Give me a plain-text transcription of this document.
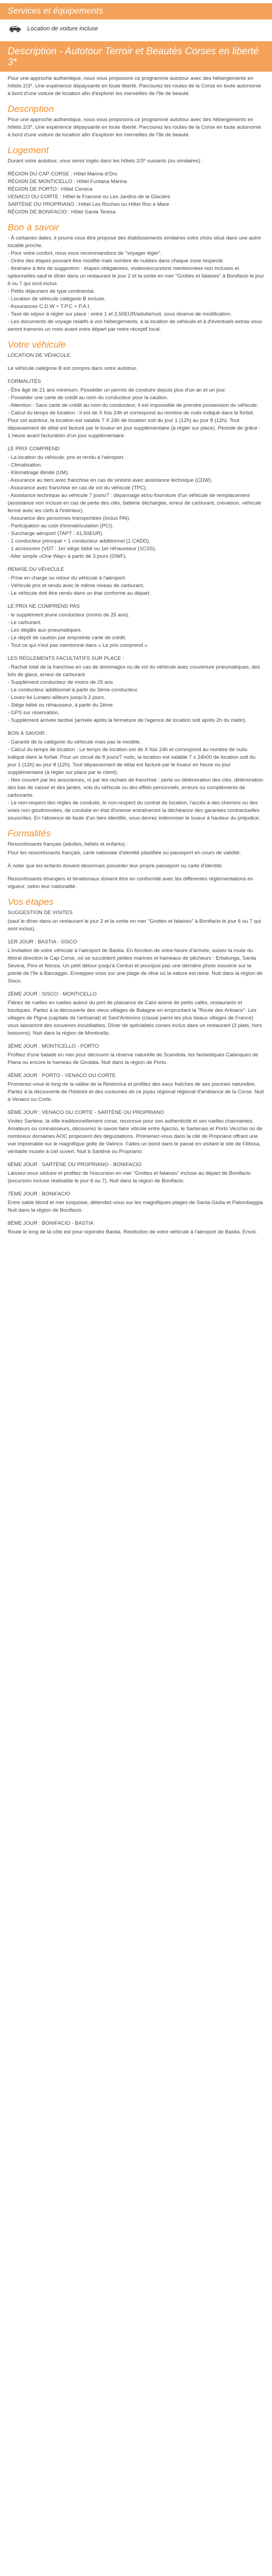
Services et équipements
Location de voiture incluse
Description - Autotour Terroir et Beautés Corses en liberté 3*

Pour une approche authentique, nous vous proposons ce programme autotour avec des hébergements en hôtels 2/3*. Une expérience dépaysante en toute liberté. Parcourez les routes de la Corse en toute autonomie à bord d'une voiture de location afin d'explorer les merveilles de l'île de beauté.

Description

Pour une approche authentique, nous vous proposons ce programme autotour avec des hébergements en hôtels 2/3*. Une expérience dépaysante en toute liberté. Parcourez les routes de la Corse en toute autonomie à bord d'une voiture de location afin d'explorer les merveilles de l'île de beauté.

Logement

Durant votre autotour, vous serez logés dans les hôtels 2/3* suivants (ou similaires) :

RÉGION DU CAP CORSE : Hôtel Marina d'Oro
RÉGION DE MONTICELLO : Hôtel Funtana Marina
RÉGION DE PORTO : Hôtel Corsica
VENACO OU CORTE : Hôtel le Fracone ou Les Jardins de la Glacière
SARTÈNE OU PROPRIANO : Hôtel Les Roches ou Hôtel Roc e Mare
RÉGION DE BONIFACIO : Hôtel Santa Teresa
Bon à savoir
- À certaines dates, il pourra vous être proposé des établissements similaires votre choix situé dans une autre localité proche.
- Pour votre confort, nous vous recommandons de "voyager léger".
- Ordre des étapes pouvant être modifié mais nombre de nuitées dans chaque zone respecté.
- Itinéraire à titre de suggestion : étapes obligatoires, visites/excursions mentionnées non incluses et optionnelles sauf le dîner dans un restaurant le jour 2 et la sortie en mer "Grottes et falaises" à Bonifacio le jour 6 ou 7 qui sont inclus.
- Petits déjeuners de type continental.
- Location de véhicule catégorie B incluse.
- Assurances C.D.W + T.P.C + P.A.I.
- Taxe de séjour à régler sur place : entre 1 et 2,50EUR/adulte/nuit, sous réserve de modification.
- Les documents de voyage relatifs à vos hébergements, à la location de véhicule et à d'éventuels extras vous seront transmis un mois avant votre départ par notre réceptif local.
Votre véhicule

LOCATION DE VÉHICULE

Le véhicule catégorie B est compris dans votre autotour.

FORMALITÉS

- Être âgé de 21 ans minimum. Posséder un permis de conduire depuis plus d'un an et un jour.
- Posséder une carte de crédit au nom du conducteur pour la caution.
- Attention : Sans carte de crédit au nom du conducteur, il est impossible de prendre possession du véhicule.
- Calcul du temps de location : Il est de X fois 24h et correspond au nombre de nuits indiqué dans le forfait. Pour cet autotour, la location est valable 7 X 24h de location soit du jour 1 (12h) au jour 8 (12h). Tout dépassement de délai est facturé par le loueur en jour supplémentaire (à régler sur place). Période de grâce : 1 heure avant facturation d'un jour supplémentaire.

LE PRIX COMPREND

- La location du véhicule, pris et rendu à l'aéroport.
- Climatisation.
- Kilométrage illimité (UM).
- Assurance au tiers avec franchise en cas de sinistre avec assistance technique (CDW).
- Assurance avec franchise en cas de vol du véhicule (TPC).
- Assistance technique au véhicule 7 jours/7 : dépannage et/ou fourniture d'un véhicule de remplacement (assistance non incluse en cas de perte des clés, batterie déchargée, erreur de carburant, crevaison, véhicule fermé avec les clefs à l'intérieur).
- Assurance des personnes transportées (inclus PAI).
- Participation au coût d'immatriculation (PCI).
- Surcharge aéroport (TAPT : 41,50EUR).
- 1 conducteur principal + 1 conducteur additionnel (1 CADD).
- 1 accessoire (VDT : 1er siège bébé ou 1er réhausseur (1CSS).
- Aller simple «One Way» à partir de 3 jours (OWF).

REMISE DU VÉHICULE

- Prise en charge ou retour du véhicule à l'aéroport.
- Véhicule pris et rendu avec le même niveau de carburant.
- Le véhicule doit être rendu dans un état conforme au départ.

LE PRIX NE COMPREND PAS

- le supplément jeune conducteur (moins de 25 ans).
- Le carburant.
- Les dégâts aux pneumatiques.
- Le dépôt de caution par empreinte carte de crédit.
- Tout ce qui n'est pas mentionné dans « Le prix comprend ».

LES RÈGLEMENTS FACULTATIFS SUR PLACE :

- Rachat total de la franchise en cas de dommages ou de vol du véhicule avec couverture pneumatiques, des bris de glace, erreur de carburant
- Supplément conducteur de moins de 25 ans
- Le conducteur additionnel à partir du 3ème conducteur.
- Louez-lui Lunaez-ailleurs jusqu'à 2 jours.
- Siège bébé ou réhausseur, à partir du 2ème.
- GPS sur réservation.
- Supplément arrivée tardive (arrivée après la fermeture de l'agence de location soit après 2h du matin).

BON À SAVOIR :

- Garantir de la catégorie du véhicule mais pas le modèle.
- Calcul du temps de location : Le temps de location est de X fois 24h et correspond au nombre de nuits indiqué dans le forfait. Pour un circuit de 8 jours/7 nuits, la location est valable 7 x 24h00 de location soit du jour 1 (12h) au jour 8 (12h). Tout dépassement de délai est facturé par le loueur en heure ou jour supplémentaire (à régler sur place par le client).
- Non couvert par les assurances, ni par les rachats de franchise : perte ou détérioration des clés, détérioration des bas de caisse et des jantes, vols du véhicule ou des effets personnels, erreurs ou compléments de carburants.
- Le non-respect des règles de conduite, le non-respect du contrat de location, l'accès à des chemins ou des voies non goudronnées, de conduite en état d'ivresse entraîneront la déchéance des garanties contractuelles souscrites. En l'absence de faute d'un tiers identifié, vous devrez indemniser le loueur à hauteur du préjudice.
Formalités

Ressortissants français (adultes, bébés et enfants) :

Pour les ressortissants français, carte nationale d'identité plastifiée ou passeport en cours de validité.

À noter que les enfants doivent désormais posséder leur propre passeport ou carte d'identité.

Ressortissants étrangers et binationaux doivent être en conformité avec les différentes réglementations en vigueur, selon leur nationalité.

Vos étapes

SUGGESTION DE VISITES

(sauf le dîner dans un restaurant le jour 2 et la sortie en mer "Grottes et falaises" à Bonifacio le jour 6 ou 7 qui sont inclus).

1ER JOUR : BASTIA - SISCO

L'invitation de votre véhicule à l'aéroport de Bastia. En fonction de votre heure d'arrivée, suivez la route du littoral direction le Cap Corse, où se succèdent petites marines et hameaux de pêcheurs : Erbalunga, Santa Severa, Pino et Nonza. Un petit détour jusqu'à Centuri et pourquoi pas une dernière photo souvenir sur la pointe de l'île à Barcaggio. Enveppez-vous sur une plage de rêve où la nature est reine. Nuit dans la région de Sisco.

2ÈME JOUR : SISCO - MONTICELLO

Flânez de ruelles en ruelles autour du port de plaisance de Calvi animé de petits cafés, restaurants et boutiques. Partez à la découverte des vieux villages de Balagne en empruntant la "Route des Artisans". Les villages de Pigna (capitale de l'artisanat) et Sant'Antonino (classé parmi les plus beaux villages de France) vous laisseront des souvenirs inoubliables. Dîner de spécialités corses inclus dans un restaurant (3 plats, hors boissons). Nuit dans la région de Monticello.

3ÈME JOUR : MONTICELLO - PORTO

Profitez d'une balade en mer pour découvrir la réserve naturelle de Scandola, les fantastiques Calanques de Piana ou encore le hameau de Girolata. Nuit dans la région de Porto.

4ÈME JOUR : PORTO - VENACO OU CORTE

Promenez-vous le long de la vallée de la Restonica et profitez des eaux fraîches de ses piscines naturelles. Partez à la découverte de l'histoire et des coutumes de ce joyau régional régional d'ambiance de la Corse. Nuit à Venaco ou Corte.

5ÈME JOUR : VENACO OU CORTE - SARTÈNE OU PROPRIANO

Visitez Sartène, la ville traditionnellement corse, reconnue pour son authenticité et ses ruelles charmantes. Amateurs ou connaisseurs, découvrez le savoir-faire viticole entre Ajaccio, le Sartenais et Porto Vecchio où de nombreux domaines AOC proposent des dégustations. Promenez-vous dans la cité de Propriano offrant une vue imprenable sur le magnifique golfe de Valinco. Faites un bond dans le passé en visitant le site de Filitosa, véritable musée à ciel ouvert. Nuit à Sartène ou Propriano.

6ÈME JOUR : SARTÈNE OU PROPRIANO - BONIFACIO

Laissez-vous séduire et profitez de l'excursion en mer "Grottes et falaises" incluse au départ de Bonifacio (excursion incluse réalisable le jour 6 ou 7). Nuit dans la région de Bonifacio.

7ÈME JOUR : BONIFACIO

Entre sable blond et mer turquoise, détendez-vous sur les magnifiques plages de Santa Giulia et Palombaggia. Nuit dans la région de Bonifacio.

8ÈME JOUR : BONIFACIO - BASTIA

Route le long de la côte est pour rejoindre Bastia. Restitution de votre véhicule à l'aéroport de Bastia. Envol.
